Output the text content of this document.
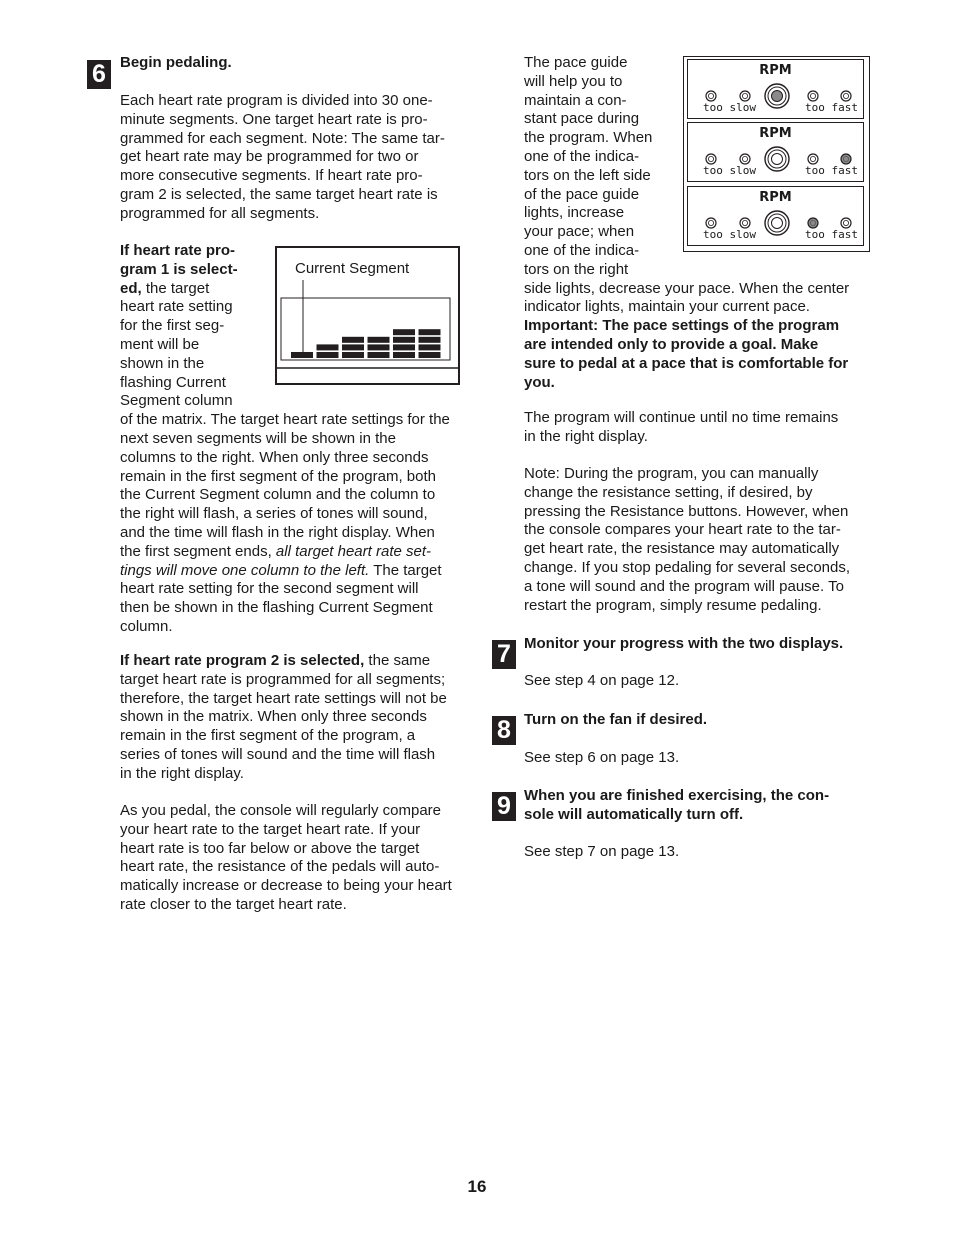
6 Begin pedaling.

Each heart rate program is divided into 30 one-
minute segments. One target heart rate is pro-
grammed for each segment. Note: The same tar-
get heart rate may be programmed for two or
more consecutive segments. If heart rate pro-
gram 2 is selected, the same target heart rate is
programmed for all segments.
If heart rate pro-
gram 1 is select-
ed, the target
heart rate setting
for the first seg-
ment will be
shown in the
flashing Current
Segment column
of the matrix. The target heart rate settings for the
next seven segments will be shown in the
columns to the right. When only three seconds
remain in the first segment of the program, both
the Current Segment column and the column to
the right will flash, a series of tones will sound,
and the time will flash in the right display. When
the first segment ends, all target heart rate set-
tings will move one column to the left. The target
heart rate setting for the second segment will
then be shown in the flashing Current Segment
column.
Current Segment
If heart rate program 2 is selected, the same
target heart rate is programmed for all segments;
therefore, the target heart rate settings will not be
shown in the matrix. When only three seconds
remain in the first segment of the program, a
series of tones will sound and the time will flash
in the right display.
As you pedal, the console will regularly compare
your heart rate to the target heart rate. If your
heart rate is too far below or above the target
heart rate, the resistance of the pedals will auto-
matically increase or decrease to being your heart
rate closer to the target heart rate.
The pace guide
will help you to
maintain a con-
stant pace during
the program. When
one of the indica-
tors on the left side
of the pace guide
lights, increase
your pace; when
one of the indica-
tors on the right
side lights, decrease your pace. When the center
indicator lights, maintain your current pace.
Important: The pace settings of the program
are intended only to provide a goal. Make
sure to pedal at a pace that is comfortable for
you.
The program will continue until no time remains
in the right display.
Note: During the program, you can manually
change the resistance setting, if desired, by
pressing the Resistance buttons. However, when
the console compares your heart rate to the tar-
get heart rate, the resistance may automatically
change. If you stop pedaling for several seconds,
a tone will sound and the program will pause. To
restart the program, simply resume pedaling.
RPM
too slow	too fast
RPM
too slow	too fast
RPM
too slow	too fast
7 Monitor your progress with the two displays.

See step 4 on page 12.

8 Turn on the fan if desired.

See step 6 on page 13.

9 When you are finished exercising, the con-
sole will automatically turn off.

See step 7 on page 13.

16
